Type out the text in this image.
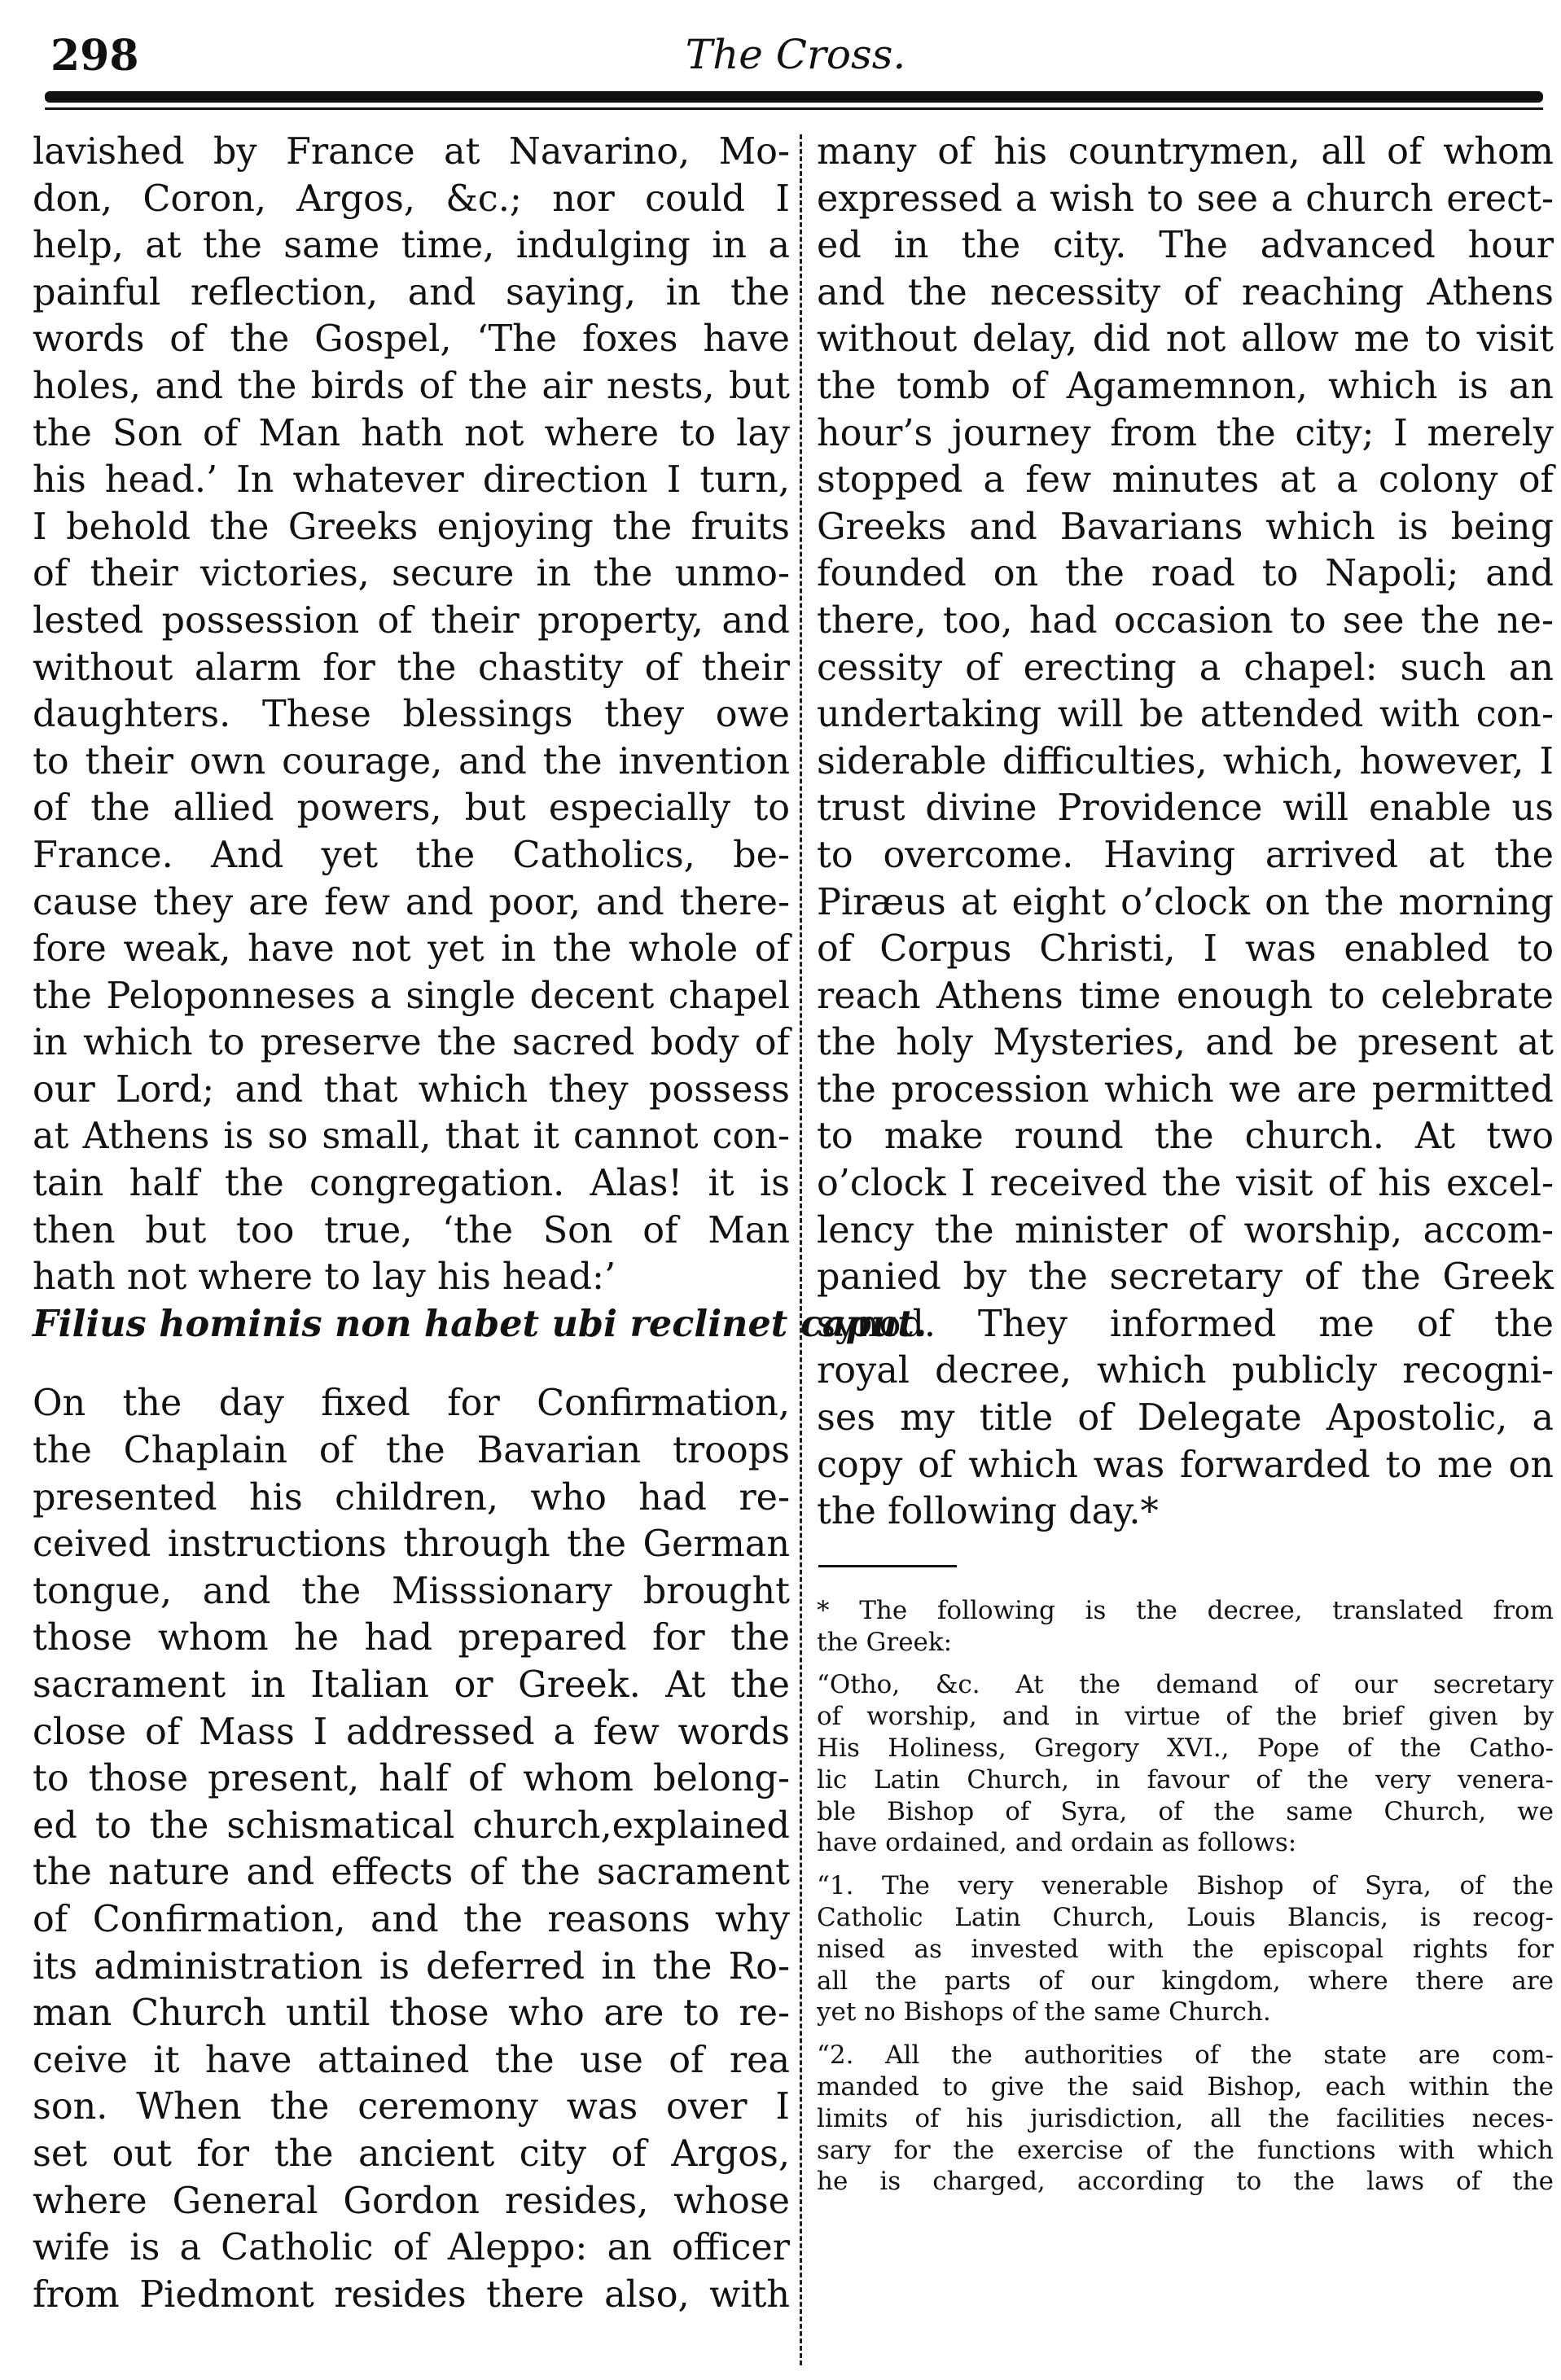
298	The Cross.
lavished by France at Navarino, Mo-
don, Coron, Argos, &c.; nor could I
help, at the same time, indulging in a
painful reflection, and saying, in the
words of the Gospel, ‘The foxes have
holes, and the birds of the air nests, but
the Son of Man hath not where to lay
his head.’ In whatever direction I turn,
I behold the Greeks enjoying the fruits
of their victories, secure in the unmo-
lested possession of their property, and
without alarm for the chastity of their
daughters. These blessings they owe
to their own courage, and the invention
of the allied powers, but especially to
France. And yet the Catholics, be-
cause they are few and poor, and there-
fore weak, have not yet in the whole of
the Peloponneses a single decent chapel
in which to preserve the sacred body of
our Lord; and that which they possess
at Athens is so small, that it cannot con-
tain half the congregation. Alas! it is
then but too true, ‘the Son of Man
hath not where to lay his head:’
Filius hominis non habet ubi reclinet caput.
On the day fixed for Confirmation,
the Chaplain of the Bavarian troops
presented his children, who had re-
ceived instructions through the German
tongue, and the Misssionary brought
those whom he had prepared for the
sacrament in Italian or Greek. At the
close of Mass I addressed a few words
to those present, half of whom belong-
ed to the schismatical church,explained
the nature and effects of the sacrament
of Confirmation, and the reasons why
its administration is deferred in the Ro-
man Church until those who are to re-
ceive it have attained the use of rea
son. When the ceremony was over I
set out for the ancient city of Argos,
where General Gordon resides, whose
wife is a Catholic of Aleppo: an officer
from Piedmont resides there also, with
many of his countrymen, all of whom
expressed a wish to see a church erect-
ed in the city. The advanced hour
and the necessity of reaching Athens
without delay, did not allow me to visit
the tomb of Agamemnon, which is an
hour’s journey from the city; I merely
stopped a few minutes at a colony of
Greeks and Bavarians which is being
founded on the road to Napoli; and
there, too, had occasion to see the ne-
cessity of erecting a chapel: such an
undertaking will be attended with con-
siderable difficulties, which, however, I
trust divine Providence will enable us
to overcome. Having arrived at the
Piræus at eight o’clock on the morning
of Corpus Christi, I was enabled to
reach Athens time enough to celebrate
the holy Mysteries, and be present at
the procession which we are permitted
to make round the church. At two
o’clock I received the visit of his excel-
lency the minister of worship, accom-
panied by the secretary of the Greek
synod. They informed me of the
royal decree, which publicly recogni-
ses my title of Delegate Apostolic, a
copy of which was forwarded to me on
the following day.*
* The following is the decree, translated from
the Greek:
“Otho, &c. At the demand of our secretary
of worship, and in virtue of the brief given by
His Holiness, Gregory XVI., Pope of the Catho-
lic Latin Church, in favour of the very venera-
ble Bishop of Syra, of the same Church, we
have ordained, and ordain as follows:
“1. The very venerable Bishop of Syra, of the
Catholic Latin Church, Louis Blancis, is recog-
nised as invested with the episcopal rights for
all the parts of our kingdom, where there are
yet no Bishops of the same Church.
“2. All the authorities of the state are com-
manded to give the said Bishop, each within the
limits of his jurisdiction, all the facilities neces-
sary for the exercise of the functions with which
he is charged, according to the laws of the
